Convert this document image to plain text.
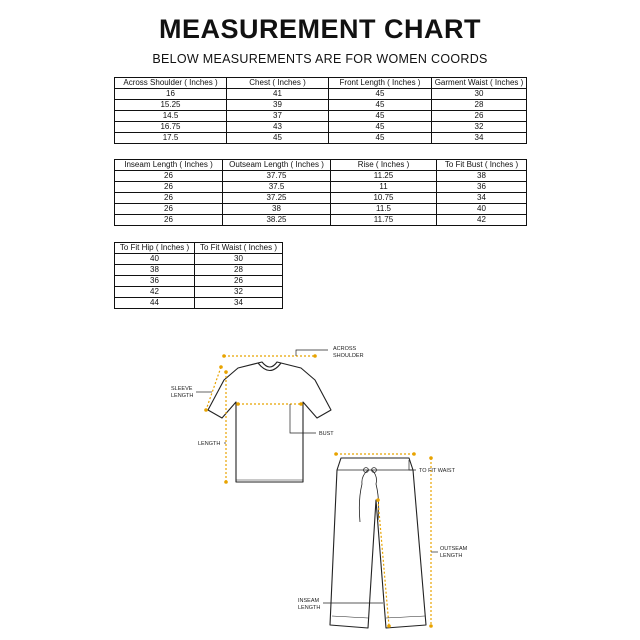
MEASUREMENT CHART
BELOW MEASUREMENTS ARE FOR WOMEN COORDS
Across Shoulder ( Inches )	Chest ( Inches )	Front Length ( Inches )	Garment Waist ( Inches )
16	41	45	30
15.25	39	45	28
14.5	37	45	26
16.75	43	45	32
17.5	45	45	34
Inseam Length ( Inches )	Outseam Length ( Inches )	Rise ( Inches )	To Fit Bust ( Inches )
26	37.75	11.25	38
26	37.5	11	36
26	37.25	10.75	34
26	38	11.5	40
26	38.25	11.75	42
To Fit Hip ( Inches )	To Fit Waist ( Inches )
40	30
38	28
36	26
42	32
44	34
ACROSS
SHOULDER
SLEEVE
LENGTH
LENGTH
BUST
TO FIT WAIST
OUTSEAM
LENGTH
INSEAM
LENGTH
